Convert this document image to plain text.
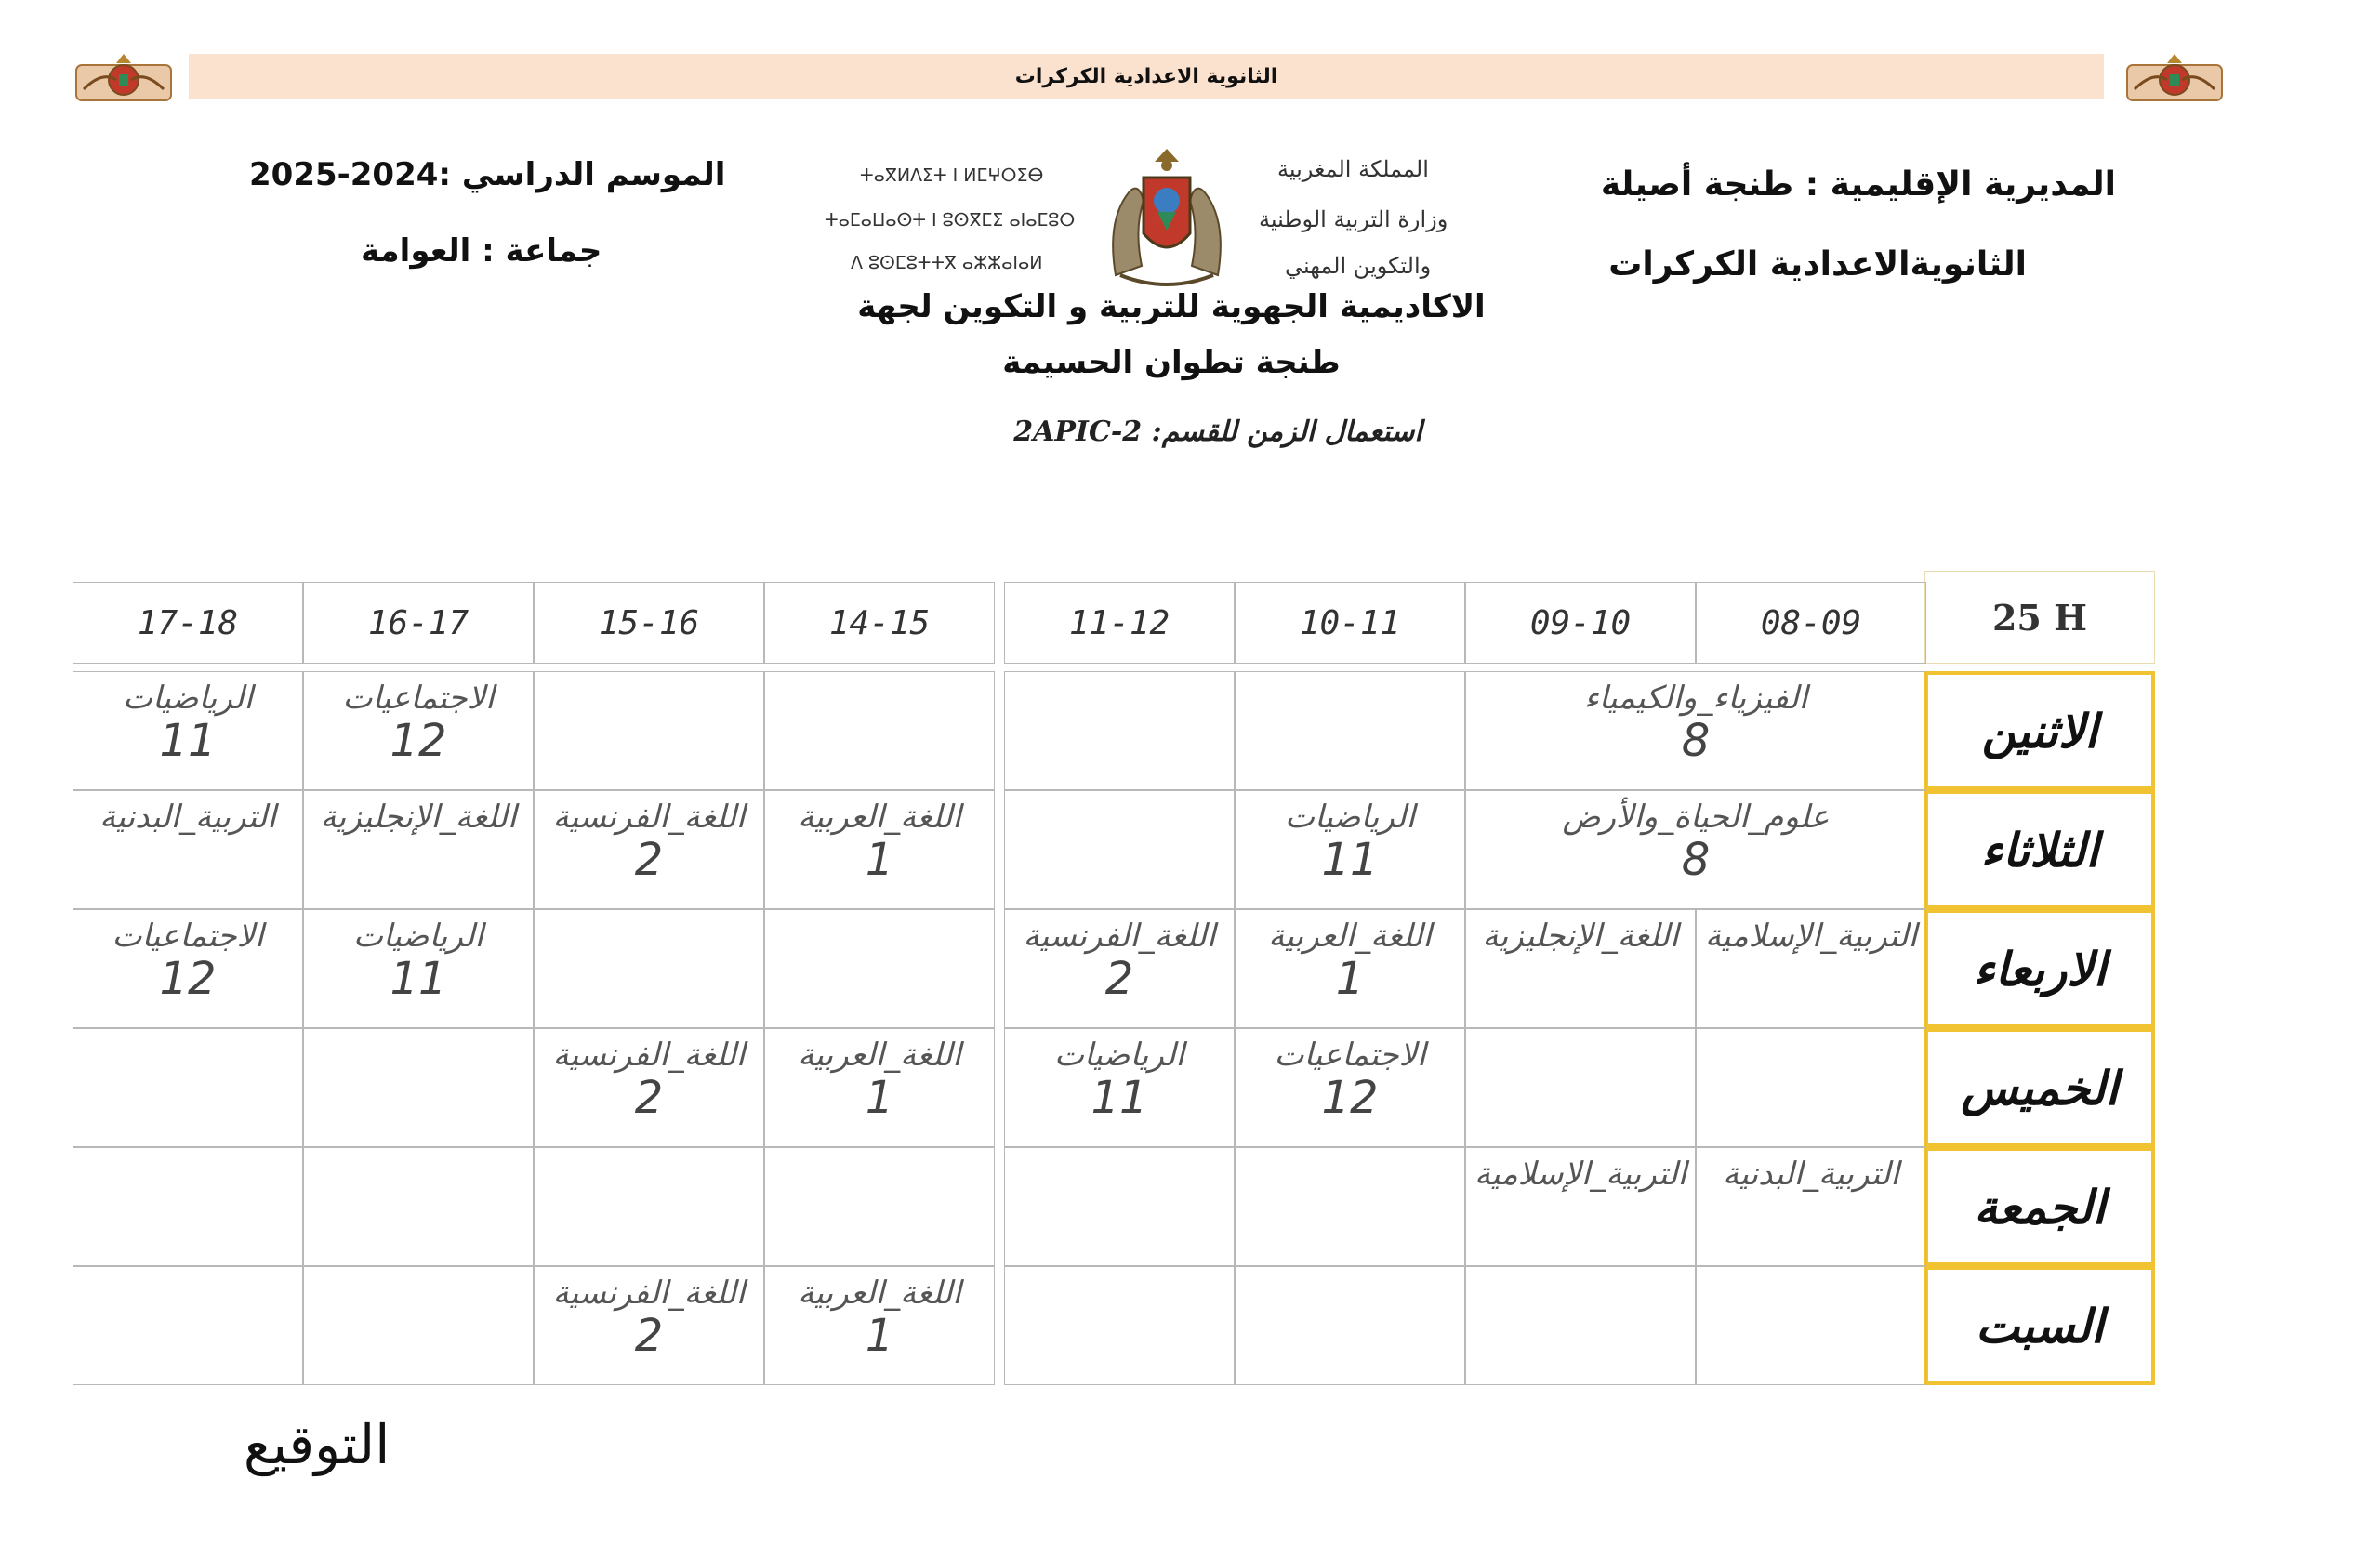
الثانوية الاعدادية الكركرات
الموسم الدراسي :2024-2025
جماعة : العوامة
المديرية الإقليمية : طنجة أصيلة
الثانويةالاعدادية الكركرات
ⵜⴰⴳⵍⴷⵉⵜ ⵏ ⵍⵎⵖⵔⵉⴱ
ⵜⴰⵎⴰⵡⴰⵙⵜ ⵏ ⵓⵙⴳⵎⵉ ⴰⵏⴰⵎⵓⵔ
ⴷ ⵓⵙⵎⵓⵜⵜⴳ ⴰⵣⵣⴰⵏⴰⵍ
المملكة المغربية
وزارة التربية الوطنية
والتكوين المهني
الاكاديمية الجهوية للتربية و التكوين لجهة
طنجة تطوان الحسيمة
استعمال الزمن للقسم: 2APIC-2
25 H
08-09
09-10
10-11
11-12
14-15
15-16
16-17
17-18
الاثنين
الفيزياء_والكيمياء
8
الاجتماعيات
12
الرياضيات
11
الثلاثاء
علوم_الحياة_والأرض
8
الرياضيات
11
اللغة_العربية
1
اللغة_الفرنسية
2
اللغة_الإنجليزية
التربية_البدنية
الاربعاء
التربية_الإسلامية
اللغة_الإنجليزية
اللغة_العربية
1
اللغة_الفرنسية
2
الرياضيات
11
الاجتماعيات
12
الخميس
الاجتماعيات
12
الرياضيات
11
اللغة_العربية
1
اللغة_الفرنسية
2
الجمعة
التربية_البدنية
التربية_الإسلامية
السبت
اللغة_العربية
1
اللغة_الفرنسية
2
التوقيع
